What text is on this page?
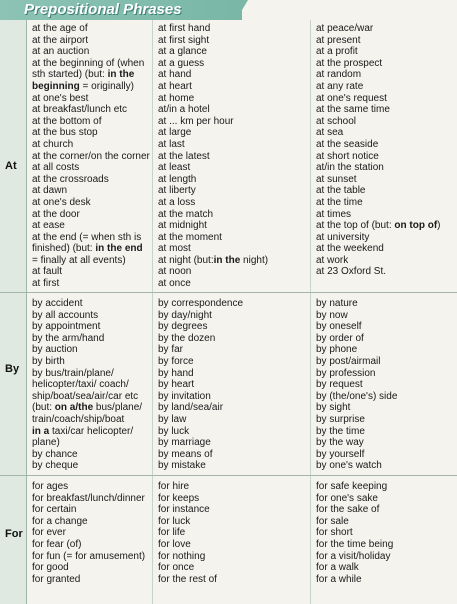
Prepositional Phrases
At
at the age of
at the airport
at an auction
at the beginning of (when
sth started) (but: in the
beginning = originally)
at one's best
at breakfast/lunch etc
at the bottom of
at the bus stop
at church
at the corner/on the corner
at all costs
at the crossroads
at dawn
at one's desk
at the door
at ease
at the end (= when sth is
finished) (but: in the end
= finally at all events)
at fault
at first
at first hand
at first sight
at a glance
at a guess
at hand
at heart
at home
at/in a hotel
at ... km per hour
at large
at last
at the latest
at least
at length
at liberty
at a loss
at the match
at midnight
at the moment
at most
at night (but:in the night)
at noon
at once
at peace/war
at present
at a profit
at the prospect
at random
at any rate
at one's request
at the same time
at school
at sea
at the seaside
at short notice
at/in the station
at sunset
at the table
at the time
at times
at the top of (but: on top of)
at university
at the weekend
at work
at 23 Oxford St.
By
by accident
by all accounts
by appointment
by the arm/hand
by auction
by birth
by bus/train/plane/
helicopter/taxi/ coach/
ship/boat/sea/air/car etc
(but: on a/the bus/plane/
train/coach/ship/boat
in a taxi/car helicopter/
plane)
by chance
by cheque
by correspondence
by day/night
by degrees
by the dozen
by far
by force
by hand
by heart
by invitation
by land/sea/air
by law
by luck
by marriage
by means of
by mistake
by nature
by now
by oneself
by order of
by phone
by post/airmail
by profession
by request
by (the/one's) side
by sight
by surprise
by the time
by the way
by yourself
by one's watch
For
for ages
for breakfast/lunch/dinner
for certain
for a change
for ever
for fear (of)
for fun (= for amusement)
for good
for granted
for hire
for keeps
for instance
for luck
for life
for love
for nothing
for once
for the rest of
for safe keeping
for one's sake
for the sake of
for sale
for short
for the time being
for a visit/holiday
for a walk
for a while
